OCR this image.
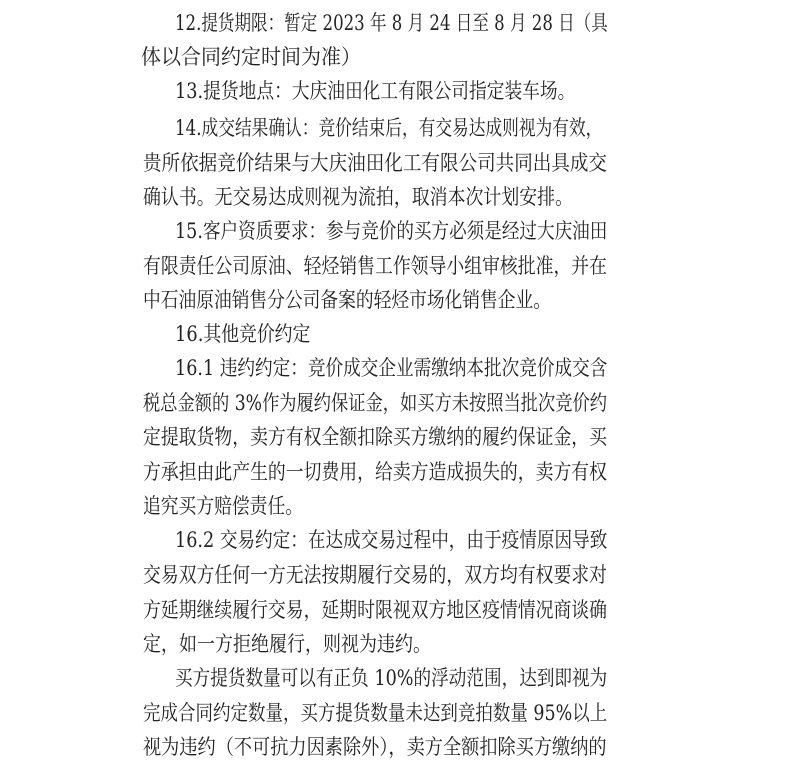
12.提货期限：暂定 2023 年 8 月 24 日至 8 月 28 日（具
体以合同约定时间为准）
13.提货地点：大庆油田化工有限公司指定装车场。
14.成交结果确认：竞价结束后，有交易达成则视为有效，
贵所依据竞价结果与大庆油田化工有限公司共同出具成交
确认书。无交易达成则视为流拍，取消本次计划安排。
15.客户资质要求：参与竞价的买方必须是经过大庆油田
有限责任公司原油、轻烃销售工作领导小组审核批准，并在
中石油原油销售分公司备案的轻烃市场化销售企业。
16.其他竞价约定
16.1 违约约定：竞价成交企业需缴纳本批次竞价成交含
税总金额的 3%作为履约保证金，如买方未按照当批次竞价约
定提取货物，卖方有权全额扣除买方缴纳的履约保证金，买
方承担由此产生的一切费用，给卖方造成损失的，卖方有权
追究买方赔偿责任。
16.2 交易约定：在达成交易过程中，由于疫情原因导致
交易双方任何一方无法按期履行交易的，双方均有权要求对
方延期继续履行交易，延期时限视双方地区疫情情况商谈确
定，如一方拒绝履行，则视为违约。
买方提货数量可以有正负 10%的浮动范围，达到即视为
完成合同约定数量，买方提货数量未达到竞拍数量 95%以上
视为违约（不可抗力因素除外），卖方全额扣除买方缴纳的
